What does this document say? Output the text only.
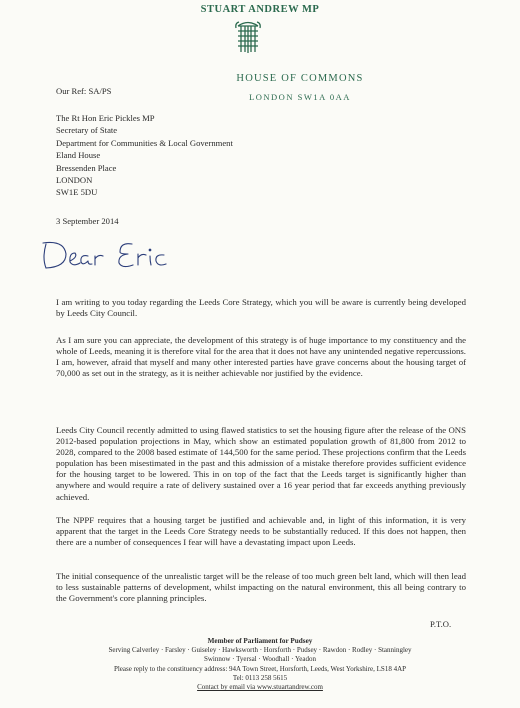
STUART ANDREW MP
HOUSE OF COMMONS
LONDON SW1A 0AA
Our Ref: SA/PS
The Rt Hon Eric Pickles MP
Secretary of State
Department for Communities & Local Government
Eland House
Bressenden Place
LONDON
SW1E 5DU
3 September 2014
I am writing to you today regarding the Leeds Core Strategy, which you will be aware is currently being developed by Leeds City Council.
As I am sure you can appreciate, the development of this strategy is of huge importance to my constituency and the whole of Leeds, meaning it is therefore vital for the area that it does not have any unintended negative repercussions. I am, however, afraid that myself and many other interested parties have grave concerns about the housing target of 70,000 as set out in the strategy, as it is neither achievable nor justified by the evidence.
Leeds City Council recently admitted to using flawed statistics to set the housing figure after the release of the ONS 2012-based population projections in May, which show an estimated population growth of 81,800 from 2012 to 2028, compared to the 2008 based estimate of 144,500 for the same period. These projections confirm that the Leeds population has been misestimated in the past and this admission of a mistake therefore provides sufficient evidence for the housing target to be lowered. This in on top of the fact that the Leeds target is significantly higher than anywhere and would require a rate of delivery sustained over a 16 year period that far exceeds anything previously achieved.
The NPPF requires that a housing target be justified and achievable and, in light of this information, it is very apparent that the target in the Leeds Core Strategy needs to be substantially reduced. If this does not happen, then there are a number of consequences I fear will have a devastating impact upon Leeds.
The initial consequence of the unrealistic target will be the release of too much green belt land, which will then lead to less sustainable patterns of development, whilst impacting on the natural environment, this all being contrary to the Government's core planning principles.
P.T.O.
Member of Parliament for Pudsey
Serving Calverley · Farsley · Guiseley · Hawksworth · Horsforth · Pudsey · Rawdon · Rodley · Stanningley
Swinnow · Tyersal · Woodhall · Yeadon
Please reply to the constituency address: 94A Town Street, Horsforth, Leeds, West Yorkshire, LS18 4AP
Tel: 0113 258 5615
Contact by email via www.stuartandrew.com
